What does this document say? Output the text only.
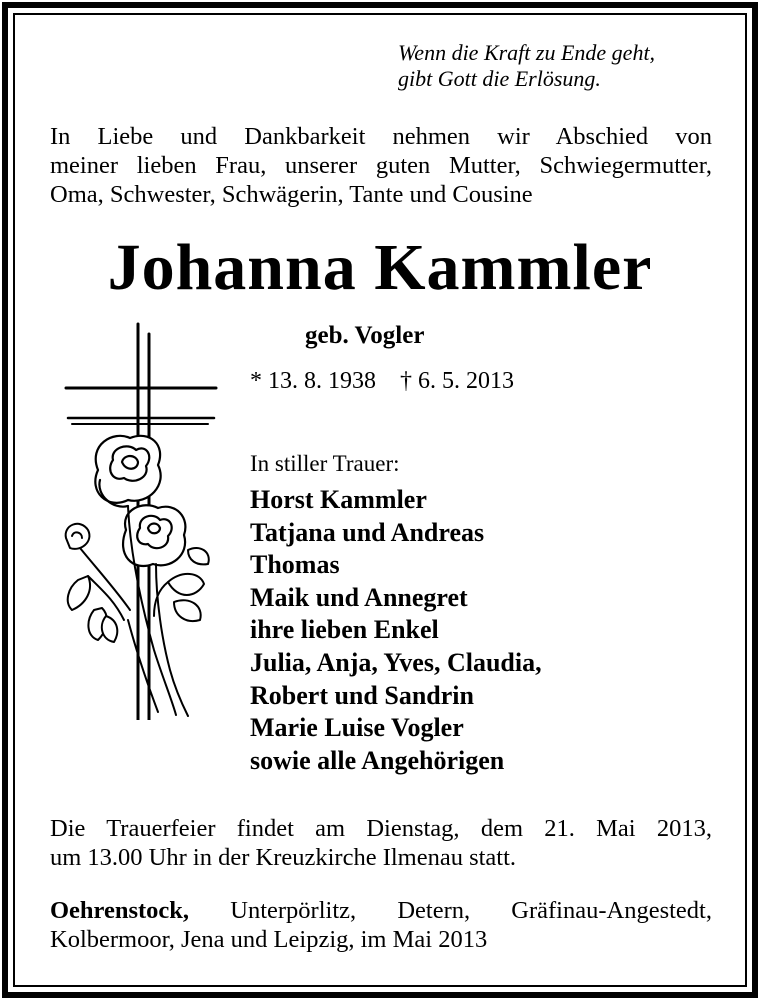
Wenn die Kraft zu Ende geht,
gibt Gott die Erlösung.
In Liebe und Dankbarkeit nehmen wir Abschied von
meiner lieben Frau, unserer guten Mutter, Schwiegermutter,
Oma, Schwester, Schwägerin, Tante und Cousine
Johanna Kammler
geb. Vogler
* 13. 8. 1938    † 6. 5. 2013
In stiller Trauer:
Horst Kammler
Tatjana und Andreas
Thomas
Maik und Annegret
ihre lieben Enkel
Julia, Anja, Yves, Claudia,
Robert und Sandrin
Marie Luise Vogler
sowie alle Angehörigen
Die Trauerfeier findet am Dienstag, dem 21. Mai 2013,
um 13.00 Uhr in der Kreuzkirche Ilmenau statt.
Oehrenstock, Unterpörlitz, Detern, Gräfinau-Angestedt,
Kolbermoor, Jena und Leipzig, im Mai 2013
